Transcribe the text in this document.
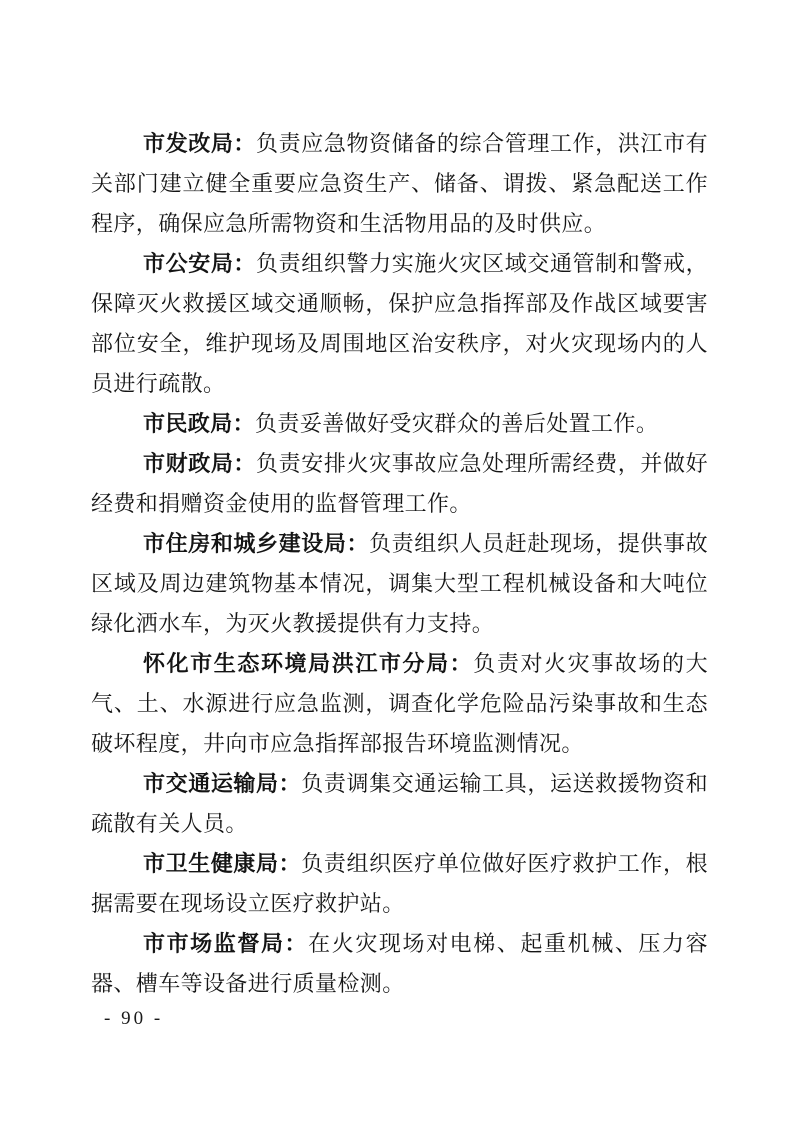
市发改局：负责应急物资储备的综合管理工作，洪江市有关部门建立健全重要应急资生产、储备、谓拨、紧急配送工作程序，确保应急所需物资和生活物用品的及时供应。

市公安局：负责组织警力实施火灾区域交通管制和警戒，保障灭火救援区域交通顺畅，保护应急指挥部及作战区域要害部位安全，维护现场及周围地区治安秩序，对火灾现场内的人员进行疏散。

市民政局：负责妥善做好受灾群众的善后处置工作。

市财政局：负责安排火灾事故应急处理所需经费，并做好经费和捐赠资金使用的监督管理工作。

市住房和城乡建设局：负责组织人员赶赴现场，提供事故区域及周边建筑物基本情况，调集大型工程机械设备和大吨位绿化洒水车，为灭火教援提供有力支持。

怀化市生态环境局洪江市分局：负责对火灾事故场的大气、土、水源进行应急监测，调查化学危险品污染事故和生态破坏程度，井向市应急指挥部报告环境监测情况。

市交通运输局：负责调集交通运输工具，运送救援物资和疏散有关人员。

市卫生健康局：负责组织医疗单位做好医疗救护工作，根据需要在现场设立医疗救护站。

市市场监督局：在火灾现场对电梯、起重机械、压力容器、槽车等设备进行质量检测。

- 90 -
